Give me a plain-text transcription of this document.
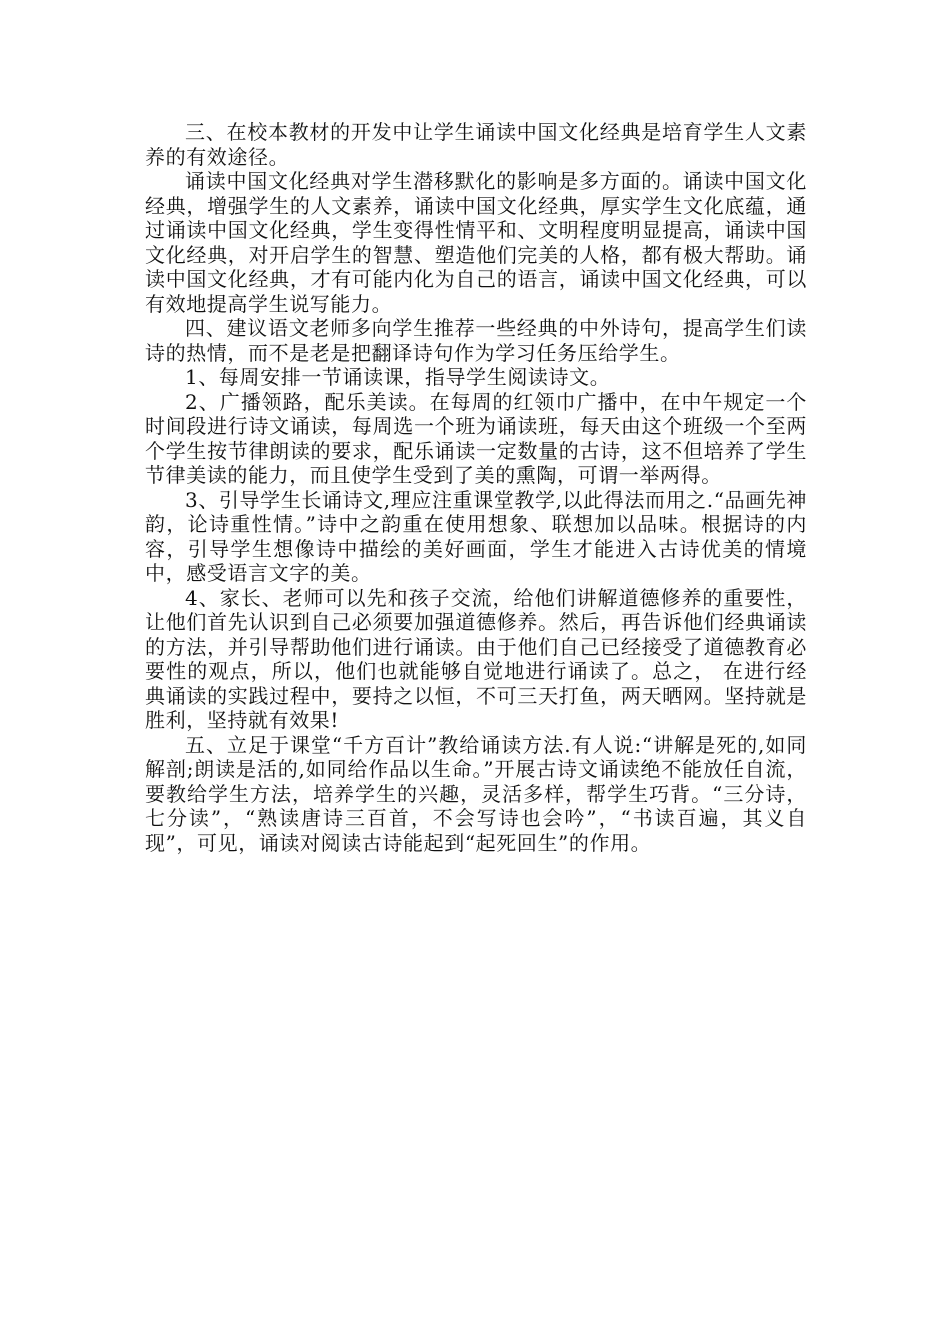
三、在校本教材的开发中让学生诵读中国文化经典是培育学生人文素养的有效途径。

诵读中国文化经典对学生潜移默化的影响是多方面的。诵读中国文化经典，增强学生的人文素养，诵读中国文化经典，厚实学生文化底蕴，通过诵读中国文化经典，学生变得性情平和、文明程度明显提高，诵读中国文化经典，对开启学生的智慧、塑造他们完美的人格，都有极大帮助。诵读中国文化经典，才有可能内化为自己的语言，诵读中国文化经典，可以有效地提高学生说写能力。

四、建议语文老师多向学生推荐一些经典的中外诗句，提高学生们读诗的热情，而不是老是把翻译诗句作为学习任务压给学生。

1、每周安排一节诵读课，指导学生阅读诗文。

2、广播领路，配乐美读。在每周的红领巾广播中，在中午规定一个时间段进行诗文诵读，每周选一个班为诵读班，每天由这个班级一个至两个学生按节律朗读的要求，配乐诵读一定数量的古诗，这不但培养了学生节律美读的能力，而且使学生受到了美的熏陶，可谓一举两得。

3、引导学生长诵诗文,理应注重课堂教学,以此得法而用之.“品画先神韵，论诗重性情。”诗中之韵重在使用想象、联想加以品味。根据诗的内容，引导学生想像诗中描绘的美好画面，学生才能进入古诗优美的情境中，感受语言文字的美。

4、家长、老师可以先和孩子交流，给他们讲解道德修养的重要性，让他们首先认识到自己必须要加强道德修养。然后，再告诉他们经典诵读的方法，并引导帮助他们进行诵读。由于他们自己已经接受了道德教育必要性的观点，所以，他们也就能够自觉地进行诵读了。总之， 在进行经典诵读的实践过程中，要持之以恒，不可三天打鱼，两天晒网。坚持就是胜利，坚持就有效果!

五、立足于课堂“千方百计”教给诵读方法.有人说:“讲解是死的,如同解剖;朗读是活的,如同给作品以生命。”开展古诗文诵读绝不能放任自流，要教给学生方法，培养学生的兴趣，灵活多样，帮学生巧背。“三分诗，七分读”，“熟读唐诗三百首，不会写诗也会吟”，“书读百遍，其义自现”，可见，诵读对阅读古诗能起到“起死回生”的作用。
